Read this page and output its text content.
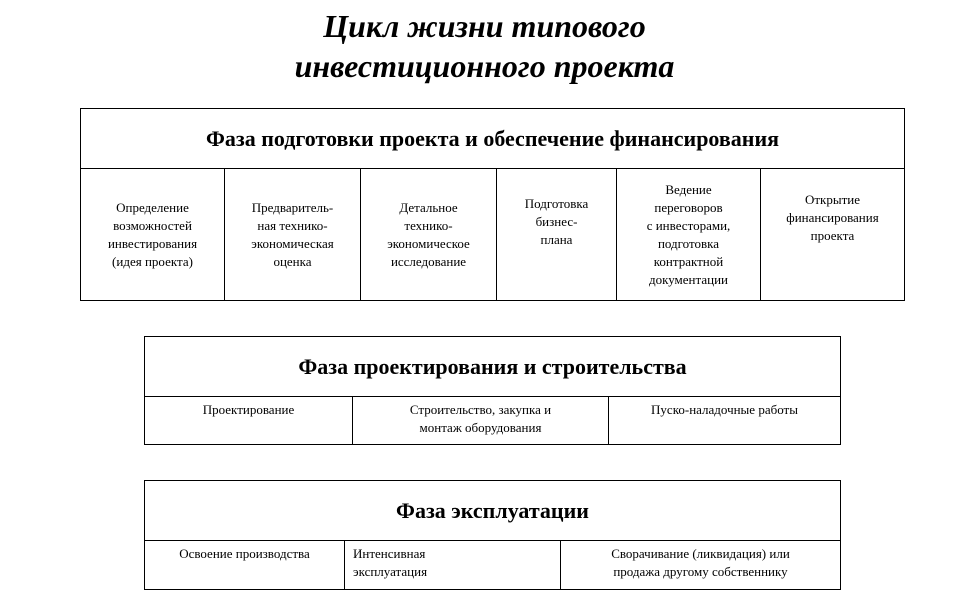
Цикл жизни типового
инвестиционного проекта
Фаза подготовки проекта и обеспечение финансирования
Определение
возможностей
инвестирования
(идея проекта)
Предваритель-
ная технико-
экономическая
оценка
Детальное
технико-
экономическое
исследование
Подготовка
бизнес-
плана
Ведение
переговоров
с инвесторами,
подготовка
контрактной
документации
Открытие
финансирования
проекта
Фаза проектирования и строительства
Проектирование	Строительство, закупка и
монтаж оборудования
Пуско-наладочные работы
Фаза эксплуатации
Освоение производства	Интенсивная
эксплуатация
Сворачивание (ликвидация) или
продажа другому собственнику
